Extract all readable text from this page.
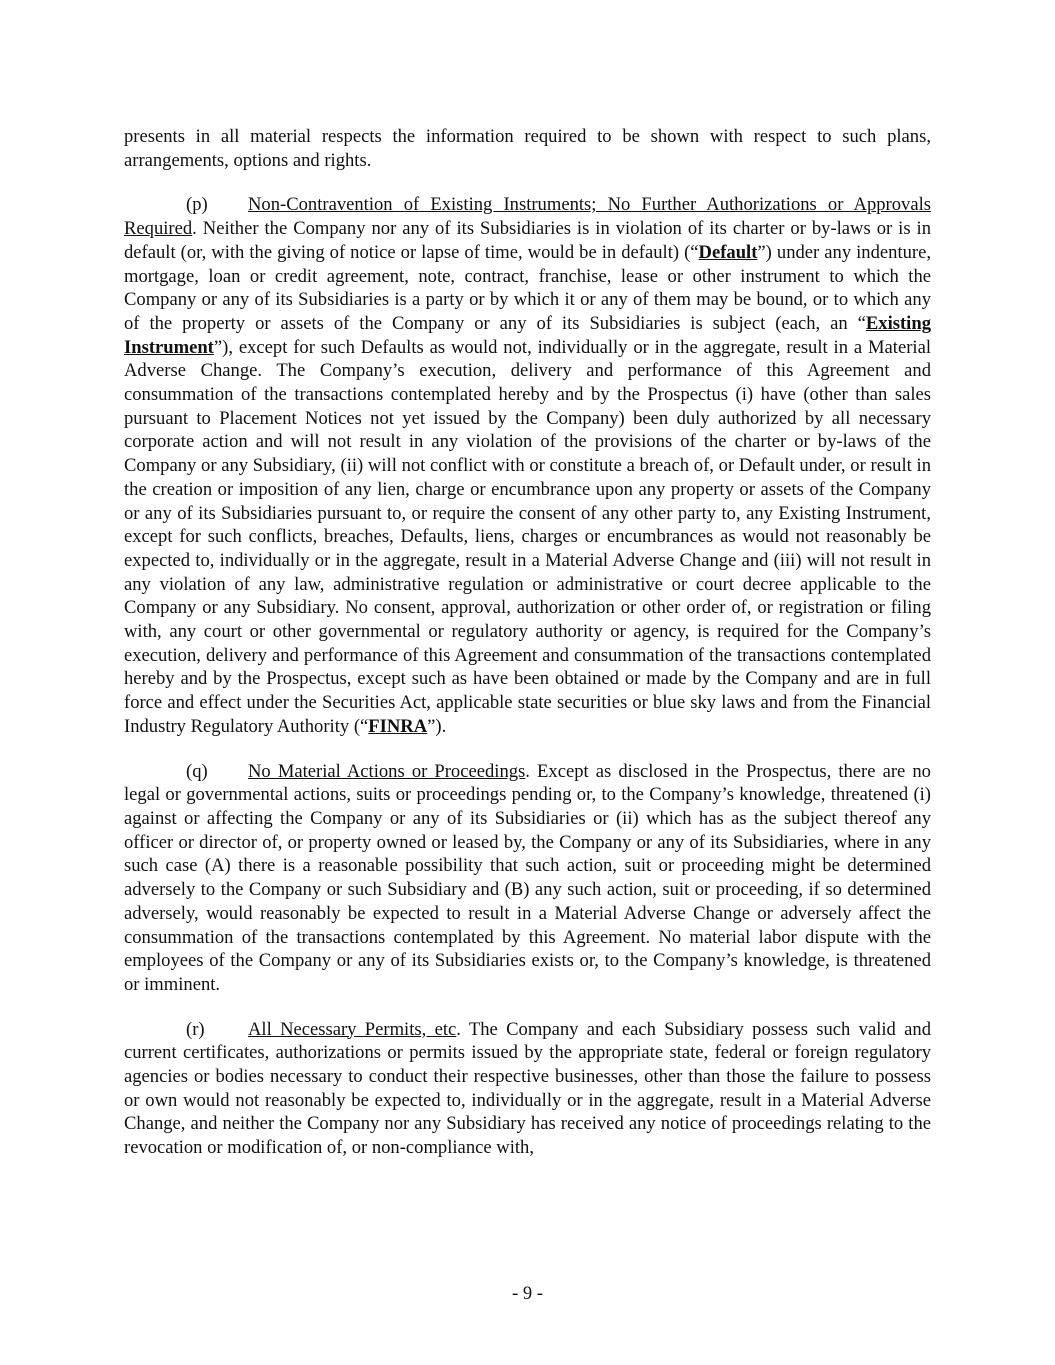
presents in all material respects the information required to be shown with respect to such plans, arrangements, options and rights.

(p) Non-Contravention of Existing Instruments; No Further Authorizations or Approvals Required. Neither the Company nor any of its Subsidiaries is in violation of its charter or by-laws or is in default (or, with the giving of notice or lapse of time, would be in default) (“Default”) under any indenture, mortgage, loan or credit agreement, note, contract, franchise, lease or other instrument to which the Company or any of its Subsidiaries is a party or by which it or any of them may be bound, or to which any of the property or assets of the Company or any of its Subsidiaries is subject (each, an “Existing Instrument”), except for such Defaults as would not, individually or in the aggregate, result in a Material Adverse Change. The Company’s execution, delivery and performance of this Agreement and consummation of the transactions contemplated hereby and by the Prospectus (i) have (other than sales pursuant to Placement Notices not yet issued by the Company) been duly authorized by all necessary corporate action and will not result in any violation of the provisions of the charter or by-laws of the Company or any Subsidiary, (ii) will not conflict with or constitute a breach of, or Default under, or result in the creation or imposition of any lien, charge or encumbrance upon any property or assets of the Company or any of its Subsidiaries pursuant to, or require the consent of any other party to, any Existing Instrument, except for such conflicts, breaches, Defaults, liens, charges or encumbrances as would not reasonably be expected to, individually or in the aggregate, result in a Material Adverse Change and (iii) will not result in any violation of any law, administrative regulation or administrative or court decree applicable to the Company or any Subsidiary. No consent, approval, authorization or other order of, or registration or filing with, any court or other governmental or regulatory authority or agency, is required for the Company’s execution, delivery and performance of this Agreement and consummation of the transactions contemplated hereby and by the Prospectus, except such as have been obtained or made by the Company and are in full force and effect under the Securities Act, applicable state securities or blue sky laws and from the Financial Industry Regulatory Authority (“FINRA”).

(q) No Material Actions or Proceedings. Except as disclosed in the Prospectus, there are no legal or governmental actions, suits or proceedings pending or, to the Company’s knowledge, threatened (i) against or affecting the Company or any of its Subsidiaries or (ii) which has as the subject thereof any officer or director of, or property owned or leased by, the Company or any of its Subsidiaries, where in any such case (A) there is a reasonable possibility that such action, suit or proceeding might be determined adversely to the Company or such Subsidiary and (B) any such action, suit or proceeding, if so determined adversely, would reasonably be expected to result in a Material Adverse Change or adversely affect the consummation of the transactions contemplated by this Agreement. No material labor dispute with the employees of the Company or any of its Subsidiaries exists or, to the Company’s knowledge, is threatened or imminent.

(r) All Necessary Permits, etc. The Company and each Subsidiary possess such valid and current certificates, authorizations or permits issued by the appropriate state, federal or foreign regulatory agencies or bodies necessary to conduct their respective businesses, other than those the failure to possess or own would not reasonably be expected to, individually or in the aggregate, result in a Material Adverse Change, and neither the Company nor any Subsidiary has received any notice of proceedings relating to the revocation or modification of, or non-compliance with,

- 9 -
